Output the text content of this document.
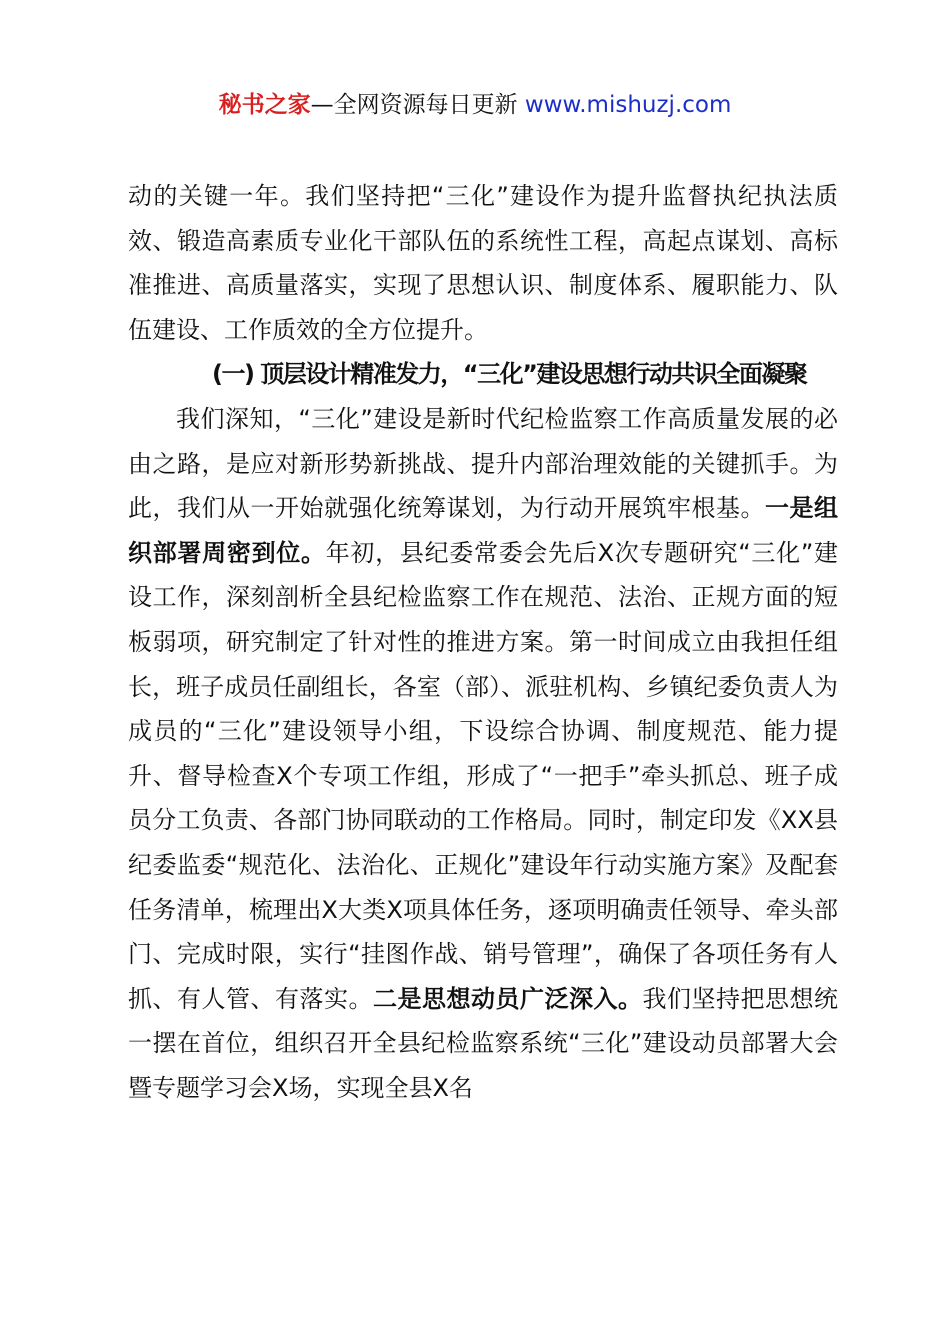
秘书之家—全网资源每日更新 www.mishuzj.com

动的关键一年。我们坚持把“三化”建设作为提升监督执纪执法质效、锻造高素质专业化干部队伍的系统性工程，高起点谋划、高标准推进、高质量落实，实现了思想认识、制度体系、履职能力、队伍建设、工作质效的全方位提升。

(一) 顶层设计精准发力，“三化”建设思想行动共识全面凝聚

我们深知，“三化”建设是新时代纪检监察工作高质量发展的必由之路，是应对新形势新挑战、提升内部治理效能的关键抓手。为此，我们从一开始就强化统筹谋划，为行动开展筑牢根基。一是组织部署周密到位。年初，县纪委常委会先后X次专题研究“三化”建设工作，深刻剖析全县纪检监察工作在规范、法治、正规方面的短板弱项，研究制定了针对性的推进方案。第一时间成立由我担任组长，班子成员任副组长，各室（部）、派驻机构、乡镇纪委负责人为成员的“三化”建设领导小组，下设综合协调、制度规范、能力提升、督导检查X个专项工作组，形成了“一把手”牵头抓总、班子成员分工负责、各部门协同联动的工作格局。同时，制定印发《XX县纪委监委“规范化、法治化、正规化”建设年行动实施方案》及配套任务清单，梳理出X大类X项具体任务，逐项明确责任领导、牵头部门、完成时限，实行“挂图作战、销号管理”，确保了各项任务有人抓、有人管、有落实。二是思想动员广泛深入。我们坚持把思想统一摆在首位，组织召开全县纪检监察系统“三化”建设动员部署大会暨专题学习会X场，实现全县X名
